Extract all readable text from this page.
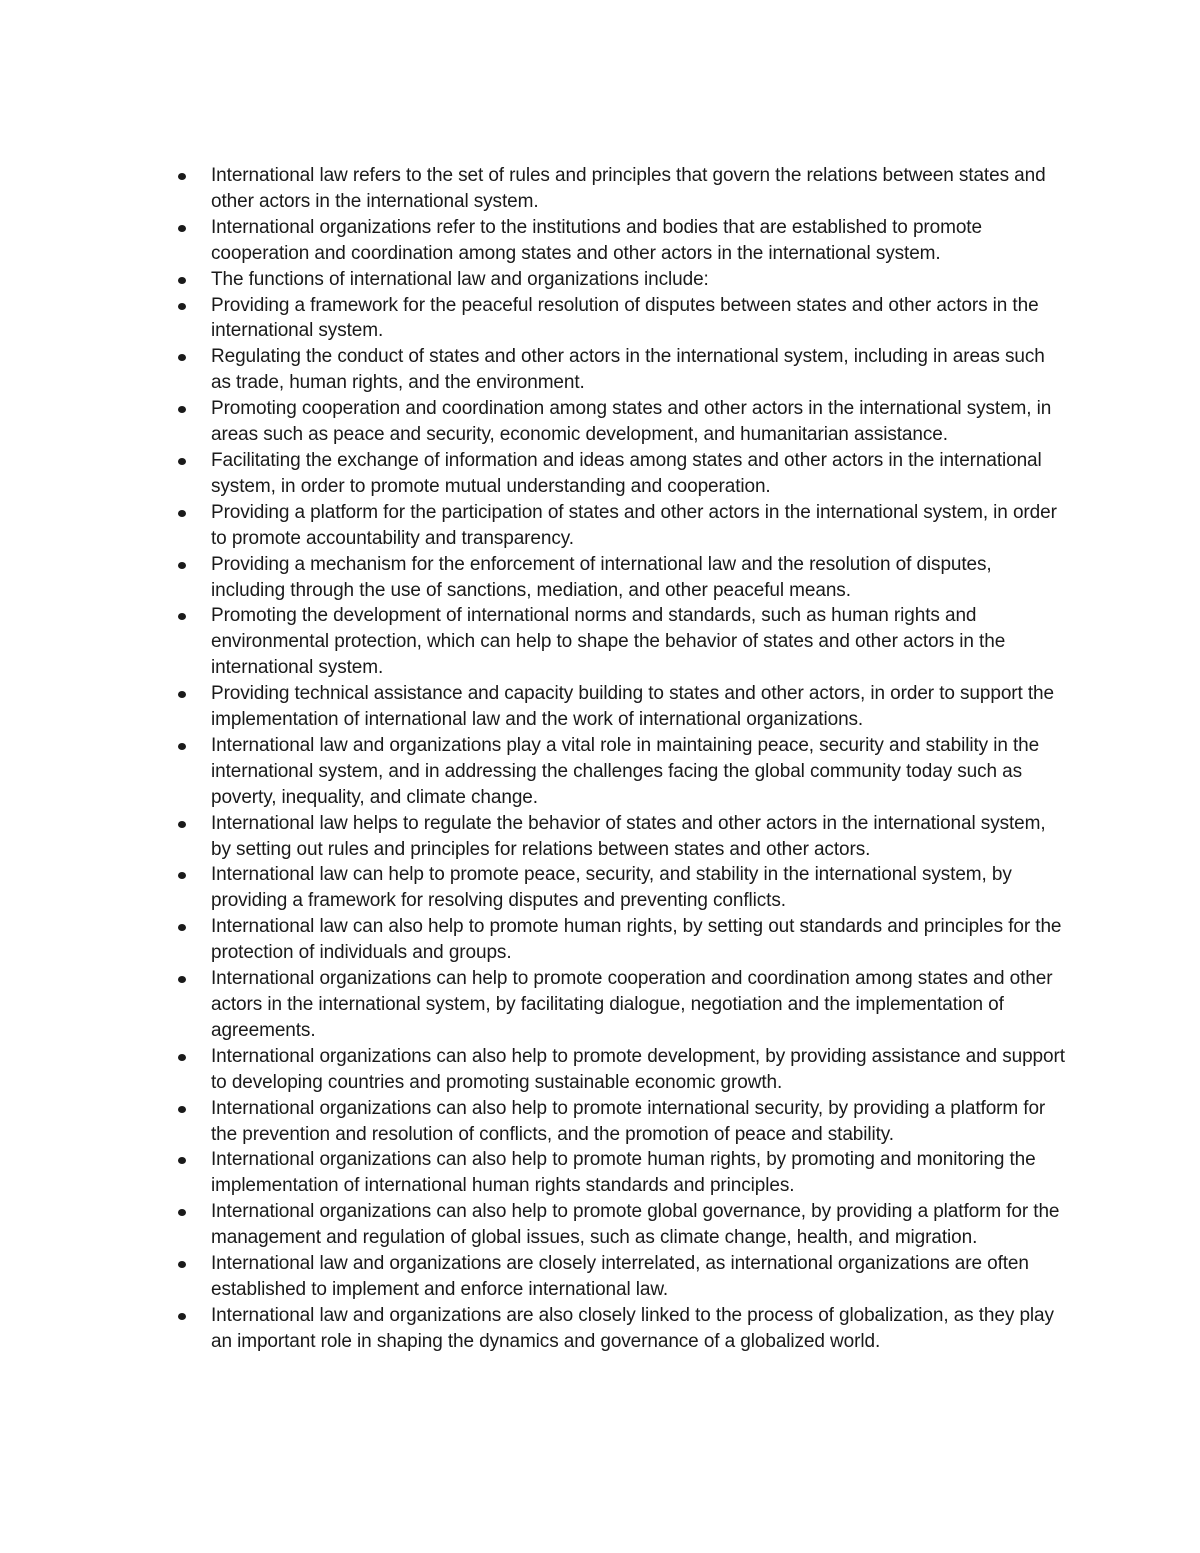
International law refers to the set of rules and principles that govern the relations between states and other actors in the international system.
International organizations refer to the institutions and bodies that are established to promote cooperation and coordination among states and other actors in the international system.
The functions of international law and organizations include:
Providing a framework for the peaceful resolution of disputes between states and other actors in the international system.
Regulating the conduct of states and other actors in the international system, including in areas such as trade, human rights, and the environment.
Promoting cooperation and coordination among states and other actors in the international system, in areas such as peace and security, economic development, and humanitarian assistance.
Facilitating the exchange of information and ideas among states and other actors in the international system, in order to promote mutual understanding and cooperation.
Providing a platform for the participation of states and other actors in the international system, in order to promote accountability and transparency.
Providing a mechanism for the enforcement of international law and the resolution of disputes, including through the use of sanctions, mediation, and other peaceful means.
Promoting the development of international norms and standards, such as human rights and environmental protection, which can help to shape the behavior of states and other actors in the international system.
Providing technical assistance and capacity building to states and other actors, in order to support the implementation of international law and the work of international organizations.
International law and organizations play a vital role in maintaining peace, security and stability in the international system, and in addressing the challenges facing the global community today such as poverty, inequality, and climate change.
International law helps to regulate the behavior of states and other actors in the international system, by setting out rules and principles for relations between states and other actors.
International law can help to promote peace, security, and stability in the international system, by providing a framework for resolving disputes and preventing conflicts.
International law can also help to promote human rights, by setting out standards and principles for the protection of individuals and groups.
International organizations can help to promote cooperation and coordination among states and other actors in the international system, by facilitating dialogue, negotiation and the implementation of agreements.
International organizations can also help to promote development, by providing assistance and support to developing countries and promoting sustainable economic growth.
International organizations can also help to promote international security, by providing a platform for the prevention and resolution of conflicts, and the promotion of peace and stability.
International organizations can also help to promote human rights, by promoting and monitoring the implementation of international human rights standards and principles.
International organizations can also help to promote global governance, by providing a platform for the management and regulation of global issues, such as climate change, health, and migration.
International law and organizations are closely interrelated, as international organizations are often established to implement and enforce international law.
International law and organizations are also closely linked to the process of globalization, as they play an important role in shaping the dynamics and governance of a globalized world.
